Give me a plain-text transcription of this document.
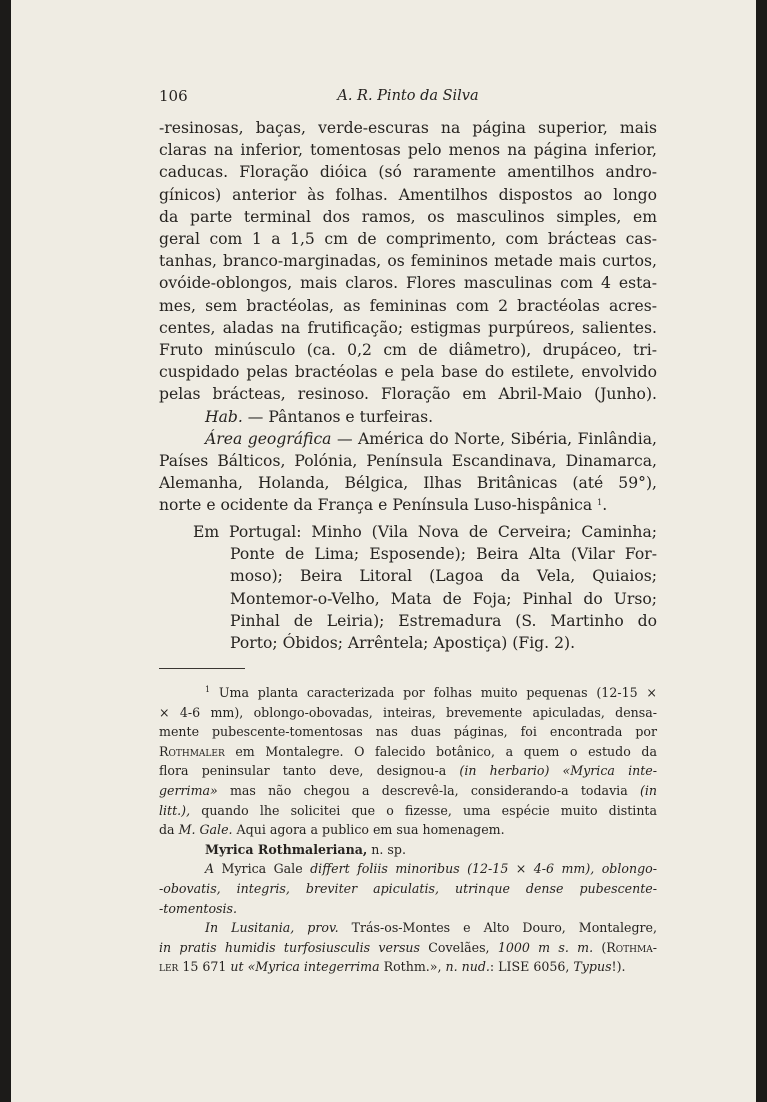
106	A. R. Pinto da Silva

-resinosas, baças, verde-escuras na página superior, mais

claras na inferior, tomentosas pelo menos na página inferior,

caducas. Floração dióica (só raramente amentilhos andro-

gínicos) anterior às folhas. Amentilhos dispostos ao longo

da parte terminal dos ramos, os masculinos simples, em

geral com 1 a 1,5 cm de comprimento, com brácteas cas-

tanhas, branco-marginadas, os femininos metade mais curtos,

ovóide-oblongos, mais claros. Flores masculinas com 4 esta-

mes, sem bractéolas, as femininas com 2 bractéolas acres-

centes, aladas na frutificação; estigmas purpúreos, salientes.

Fruto minúsculo (ca. 0,2 cm de diâmetro), drupáceo, tri-

cuspidado pelas bractéolas e pela base do estilete, envolvido

pelas brácteas, resinoso. Floração em Abril-Maio (Junho).

Hab. — Pântanos e turfeiras.

Área geográfica — América do Norte, Sibéria, Finlândia,

Países Bálticos, Polónia, Península Escandinava, Dinamarca,

Alemanha, Holanda, Bélgica, Ilhas Britânicas (até 59°),

norte e ocidente da França e Península Luso-hispânica $^1$.

Em Portugal: Minho (Vila Nova de Cerveira; Caminha;

Ponte de Lima; Esposende); Beira Alta (Vilar For-

moso); Beira Litoral (Lagoa da Vela, Quiaios;

Montemor-o-Velho, Mata de Foja; Pinhal do Urso;

Pinhal de Leiria); Estremadura (S. Martinho do

Porto; Óbidos; Arrêntela; Apostiça) (Fig. 2).

$^1$ Uma planta caracterizada por folhas muito pequenas (12-15 ×

× 4-6 mm), oblongo-obovadas, inteiras, brevemente apiculadas, densa-

mente pubescente-tomentosas nas duas páginas, foi encontrada por

Rothmaler em Montalegre. O falecido botânico, a quem o estudo da

flora peninsular tanto deve, designou-a (in herbario) «Myrica inte-

gerrima» mas não chegou a descrevê-la, considerando-a todavia (in

litt.), quando lhe solicitei que o fizesse, uma espécie muito distinta

da M. Gale. Aqui agora a publico em sua homenagem.

Myrica Rothmaleriana, n. sp.

A Myrica Gale differt foliis minoribus (12-15 × 4-6 mm), oblongo-

-obovatis, integris, breviter apiculatis, utrinque dense pubescente-

-tomentosis.

In Lusitania, prov. Trás-os-Montes e Alto Douro, Montalegre,

in pratis humidis turfosiusculis versus Covelães, 1000 m s. m. (Rothma-

ler 15 671 ut «Myrica integerrima Rothm.», n. nud.: LISE 6056, Typus!).
